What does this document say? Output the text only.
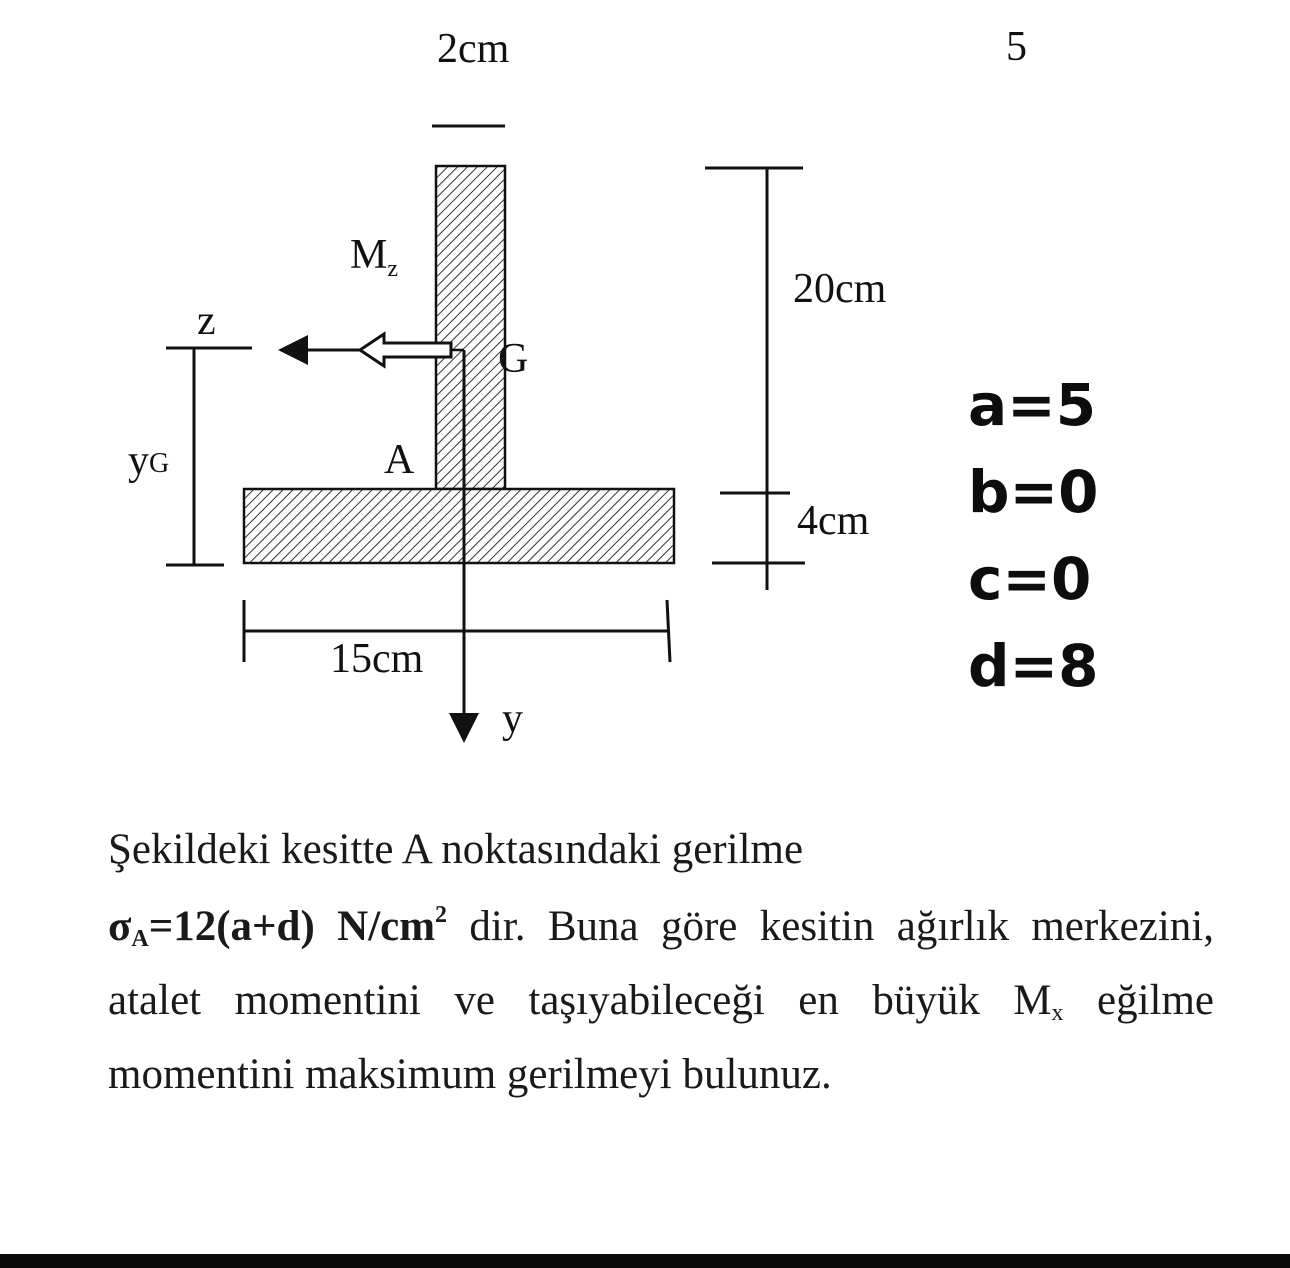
2cm	5
Mz
z
G
y
A
yG
20cm
4cm
15cm
a=5
b=0
c=0
d=8

Şekildeki kesitte A noktasındaki gerilme

$\sigma_A=12(a+d)$ $N/cm^2$ dir. Buna göre kesitin ağırlık merkezini, atalet momentini ve taşıyabileceği en büyük $M_x$ eğilme momentini maksimum gerilmeyi bulunuz.
